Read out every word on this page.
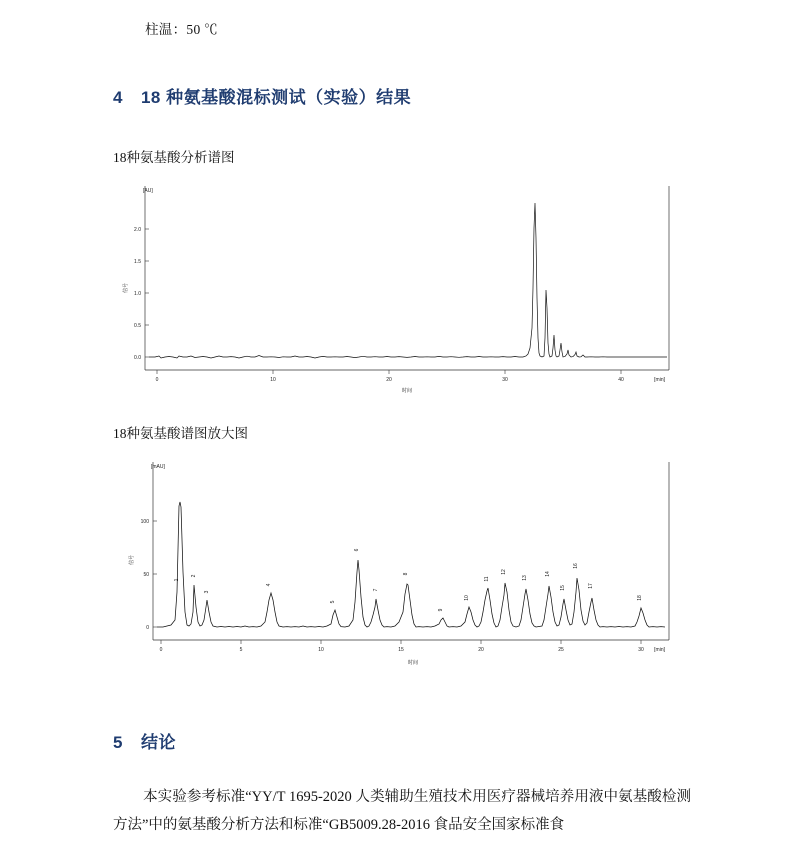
柱温：50 ℃
4 18 种氨基酸混标测试（实验）结果
18种氨基酸分析谱图
0.0
0.5
1.0
1.5
2.0
[AU]
信号
0	10	20	30	40
时间
[min]
18种氨基酸谱图放大图
0
50
100
[mAU]
信号
0	5	10	15	20	25	30
时间
[min]
1
2
3
4
5
6
7
8
9
10
11
12
13
14
15
16
17
18
5 结论
本实验参考标准“YY/T 1695-2020 人类辅助生殖技术用医疗器械培养用液中氨基酸检测方法”中的氨基酸分析方法和标准“GB5009.28-2016 食品安全国家标准食
